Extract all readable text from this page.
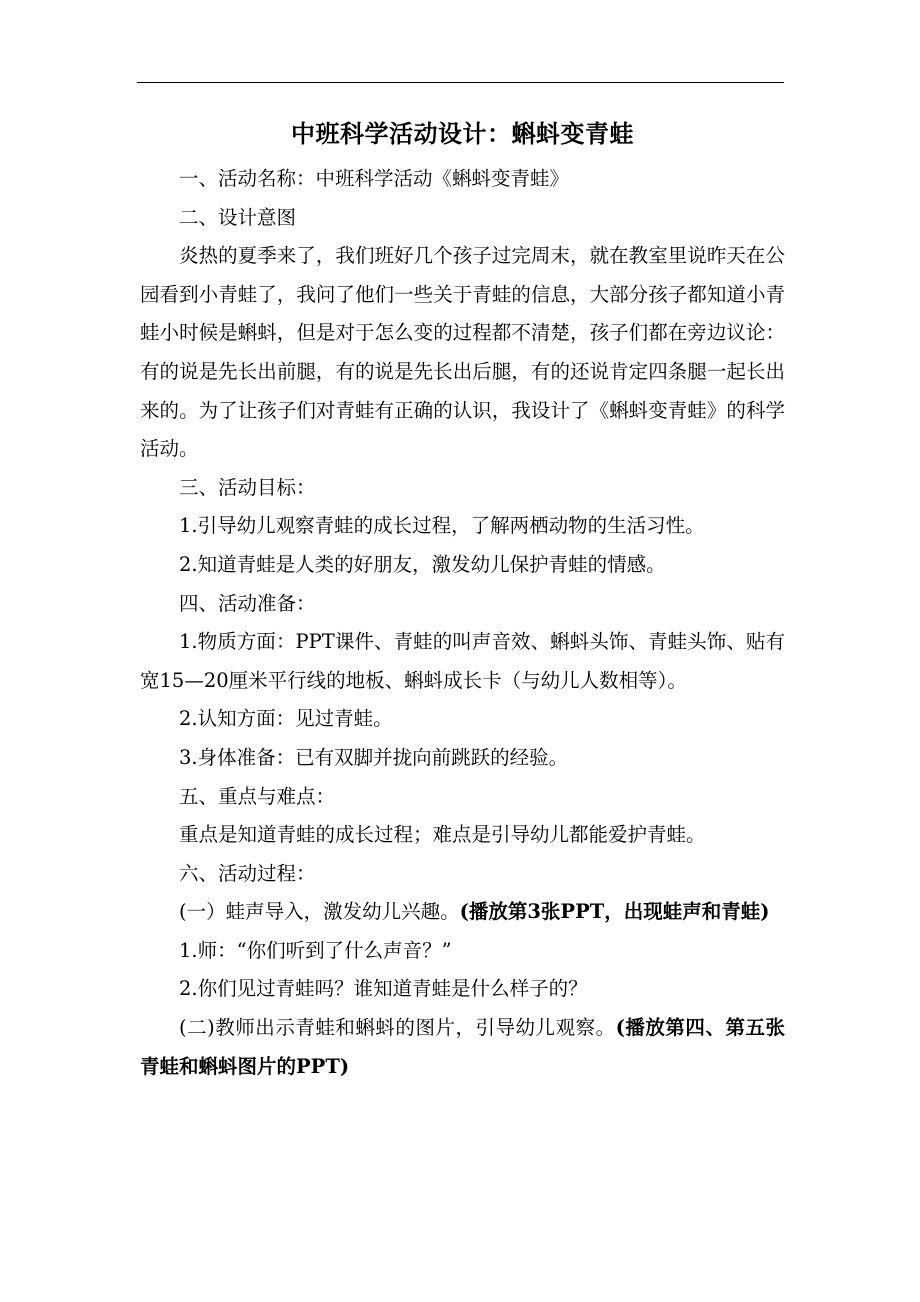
中班科学活动设计：蝌蚪变青蛙

一、活动名称：中班科学活动《蝌蚪变青蛙》

二、设计意图

炎热的夏季来了，我们班好几个孩子过完周末，就在教室里说昨天在公园看到小青蛙了，我问了他们一些关于青蛙的信息，大部分孩子都知道小青蛙小时候是蝌蚪，但是对于怎么变的过程都不清楚，孩子们都在旁边议论：有的说是先长出前腿，有的说是先长出后腿，有的还说肯定四条腿一起长出来的。为了让孩子们对青蛙有正确的认识，我设计了《蝌蚪变青蛙》的科学活动。

三、活动目标：

1.引导幼儿观察青蛙的成长过程，了解两栖动物的生活习性。

2.知道青蛙是人类的好朋友，激发幼儿保护青蛙的情感。

四、活动准备：

1.物质方面：PPT课件、青蛙的叫声音效、蝌蚪头饰、青蛙头饰、贴有宽15—20厘米平行线的地板、蝌蚪成长卡（与幼儿人数相等）。

2.认知方面：见过青蛙。

3.身体准备：已有双脚并拢向前跳跃的经验。

五、重点与难点：

重点是知道青蛙的成长过程；难点是引导幼儿都能爱护青蛙。

六、活动过程：

(一）蛙声导入，激发幼儿兴趣。(播放第3张PPT，出现蛙声和青蛙)

1.师：“你们听到了什么声音？”

2.你们见过青蛙吗？谁知道青蛙是什么样子的？

(二)教师出示青蛙和蝌蚪的图片，引导幼儿观察。(播放第四、第五张青蛙和蝌蚪图片的PPT)
